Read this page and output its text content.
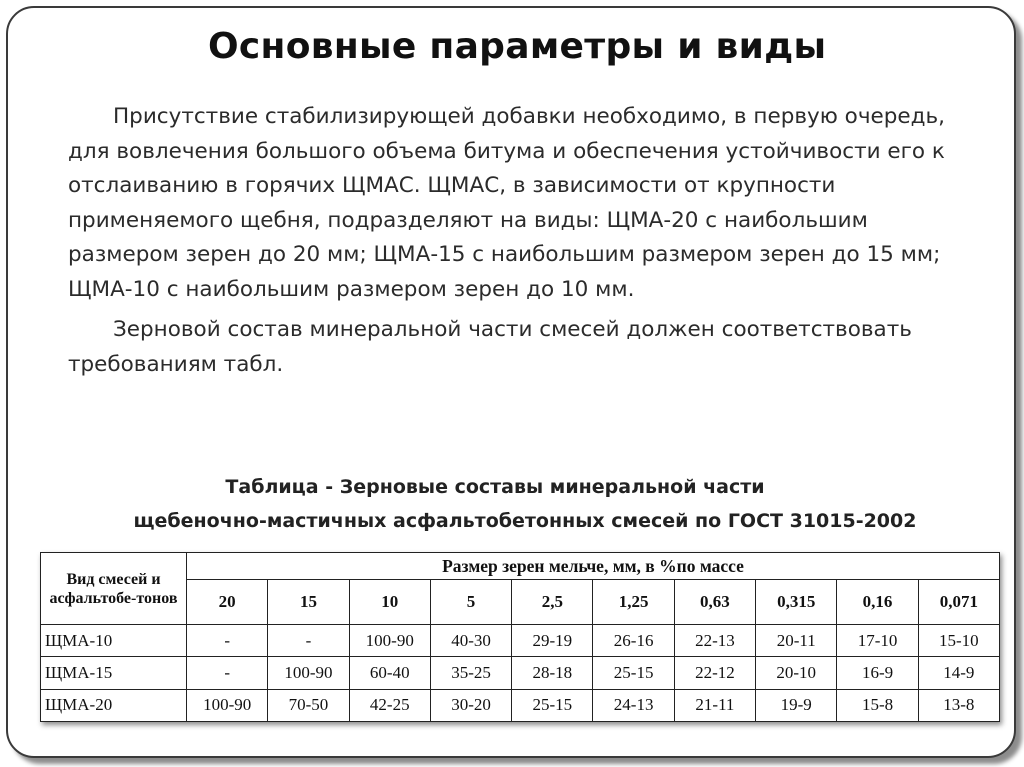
Основные параметры и виды

Присутствие стабилизирующей добавки необходимо, в первую очередь, для вовлечения большого объема битума и обеспечения устойчивости его к отслаиванию в горячих ЩМАС. ЩМАС, в зависимости от крупности применяемого щебня, подразделяют на виды: ЩМА-20 с наибольшим размером зерен до 20 мм; ЩМА-15 с наибольшим размером зерен до 15 мм; ЩМА-10 с наибольшим размером зерен до 10 мм.

Зерновой состав минеральной части смесей должен соответствовать требованиям табл.

Таблица - Зерновые составы минеральной части
щебеночно-мастичных асфальтобетонных смесей по ГОСТ 31015-2002
Вид смесей и асфальтобе-тонов	Размер зерен мельче, мм, в %по массе									
	20	15	10	5	2,5	1,25	0,63	0,315	0,16	0,071
ЩМА-10	-	-	100-90	40-30	29-19	26-16	22-13	20-11	17-10	15-10
ЩМА-15	-	100-90	60-40	35-25	28-18	25-15	22-12	20-10	16-9	14-9
ЩМА-20	100-90	70-50	42-25	30-20	25-15	24-13	21-11	19-9	15-8	13-8
